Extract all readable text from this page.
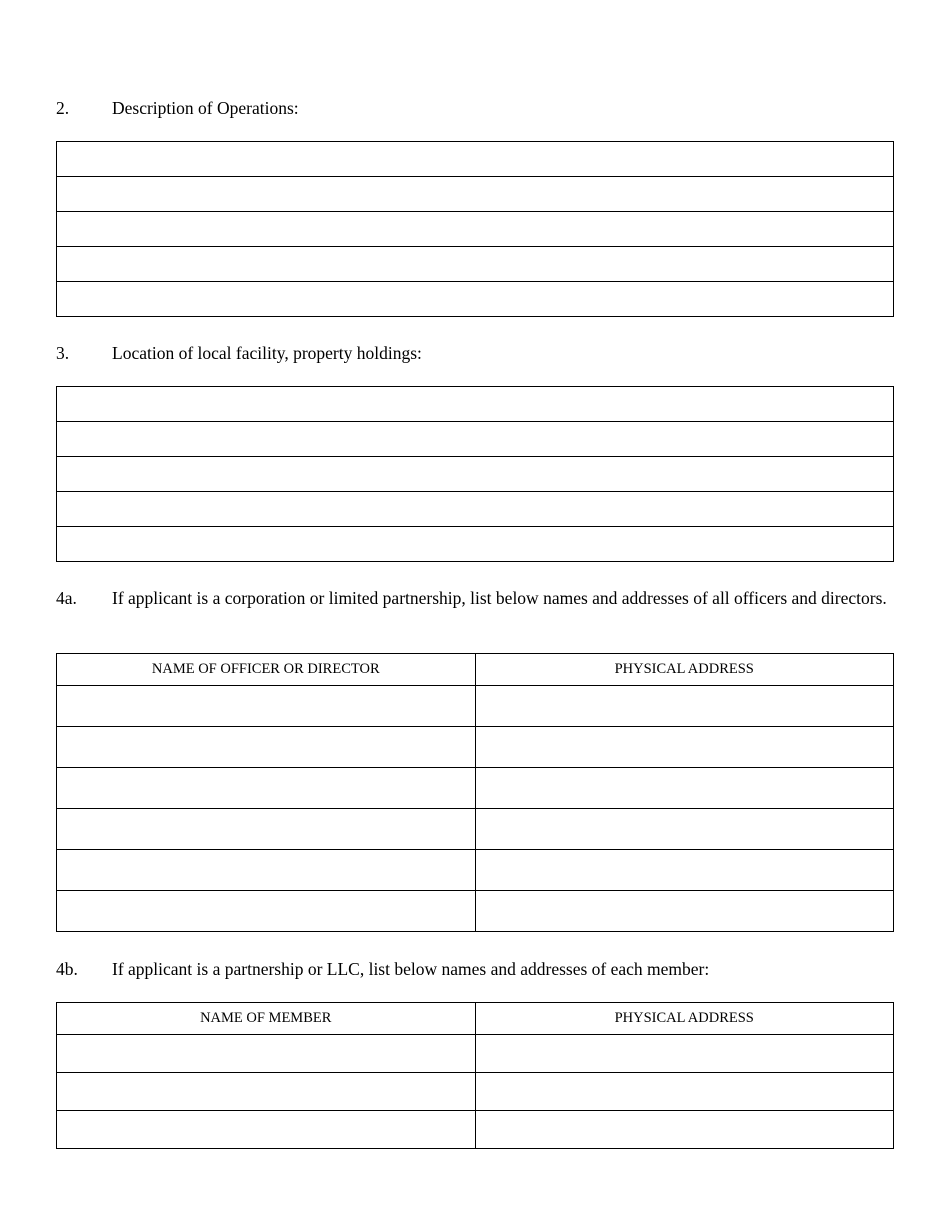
2. Description of Operations:

3. Location of local facility, property holdings:

4a. If applicant is a corporation or limited partnership, list below names and addresses of all officers and directors.
NAME OF OFFICER OR DIRECTOR	PHYSICAL ADDRESS

4b. If applicant is a partnership or LLC, list below names and addresses of each member:
NAME OF MEMBER	PHYSICAL ADDRESS
